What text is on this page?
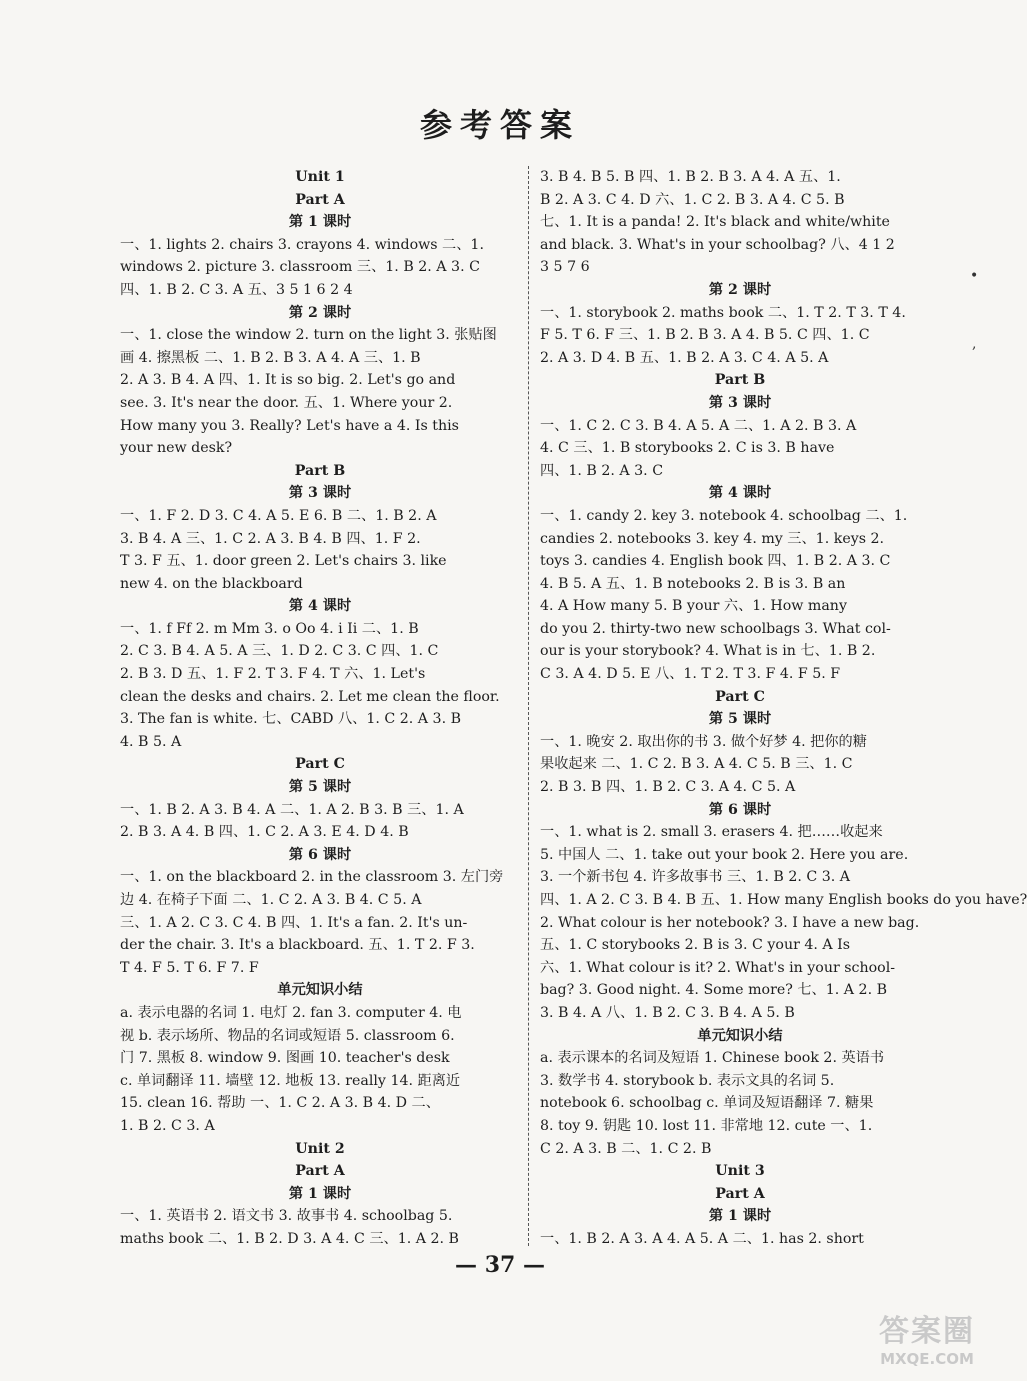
参考答案
Unit 1
Part A
第 1 课时
一、1. lights 2. chairs 3. crayons 4. windows 二、1.
windows 2. picture 3. classroom 三、1. B 2. A 3. C
四、1. B 2. C 3. A 五、3 5 1 6 2 4
第 2 课时
一、1. close the window 2. turn on the light 3. 张贴图
画 4. 擦黑板 二、1. B 2. B 3. A 4. A 三、1. B
2. A 3. B 4. A 四、1. It is so big. 2. Let's go and
see. 3. It's near the door. 五、1. Where your 2.
How many you 3. Really? Let's have a 4. Is this
your new desk?
Part B
第 3 课时
一、1. F 2. D 3. C 4. A 5. E 6. B 二、1. B 2. A
3. B 4. A 三、1. C 2. A 3. B 4. B 四、1. F 2.
T 3. F 五、1. door green 2. Let's chairs 3. like
new 4. on the blackboard
第 4 课时
一、1. f Ff 2. m Mm 3. o Oo 4. i Ii 二、1. B
2. C 3. B 4. A 5. A 三、1. D 2. C 3. C 四、1. C
2. B 3. D 五、1. F 2. T 3. F 4. T 六、1. Let's
clean the desks and chairs. 2. Let me clean the floor.
3. The fan is white. 七、CABD 八、1. C 2. A 3. B
4. B 5. A
Part C
第 5 课时
一、1. B 2. A 3. B 4. A 二、1. A 2. B 3. B 三、1. A
2. B 3. A 4. B 四、1. C 2. A 3. E 4. D 4. B
第 6 课时
一、1. on the blackboard 2. in the classroom 3. 左门旁
边 4. 在椅子下面 二、1. C 2. A 3. B 4. C 5. A
三、1. A 2. C 3. C 4. B 四、1. It's a fan. 2. It's un-
der the chair. 3. It's a blackboard. 五、1. T 2. F 3.
T 4. F 5. T 6. F 7. F
单元知识小结
a. 表示电器的名词 1. 电灯 2. fan 3. computer 4. 电
视 b. 表示场所、物品的名词或短语 5. classroom 6.
门 7. 黑板 8. window 9. 图画 10. teacher's desk
c. 单词翻译 11. 墙壁 12. 地板 13. really 14. 距离近
15. clean 16. 帮助 一、1. C 2. A 3. B 4. D 二、
1. B 2. C 3. A
Unit 2
Part A
第 1 课时
一、1. 英语书 2. 语文书 3. 故事书 4. schoolbag 5.
maths book 二、1. B 2. D 3. A 4. C 三、1. A 2. B
3. B 4. B 5. B 四、1. B 2. B 3. A 4. A 五、1.
B 2. A 3. C 4. D 六、1. C 2. B 3. A 4. C 5. B
七、1. It is a panda! 2. It's black and white/white
and black. 3. What's in your schoolbag? 八、4 1 2
3 5 7 6
第 2 课时
一、1. storybook 2. maths book 二、1. T 2. T 3. T 4.
F 5. T 6. F 三、1. B 2. B 3. A 4. B 5. C 四、1. C
2. A 3. D 4. B 五、1. B 2. A 3. C 4. A 5. A
Part B
第 3 课时
一、1. C 2. C 3. B 4. A 5. A 二、1. A 2. B 3. A
4. C 三、1. B storybooks 2. C is 3. B have
四、1. B 2. A 3. C
第 4 课时
一、1. candy 2. key 3. notebook 4. schoolbag 二、1.
candies 2. notebooks 3. key 4. my 三、1. keys 2.
toys 3. candies 4. English book 四、1. B 2. A 3. C
4. B 5. A 五、1. B notebooks 2. B is 3. B an
4. A How many 5. B your 六、1. How many
do you 2. thirty-two new schoolbags 3. What col-
our is your storybook? 4. What is in 七、1. B 2.
C 3. A 4. D 5. E 八、1. T 2. T 3. F 4. F 5. F
Part C
第 5 课时
一、1. 晚安 2. 取出你的书 3. 做个好梦 4. 把你的糖
果收起来 二、1. C 2. B 3. A 4. C 5. B 三、1. C
2. B 3. B 四、1. B 2. C 3. A 4. C 5. A
第 6 课时
一、1. what is 2. small 3. erasers 4. 把……收起来
5. 中国人 二、1. take out your book 2. Here you are.
3. 一个新书包 4. 许多故事书 三、1. B 2. C 3. A
四、1. A 2. C 3. B 4. B 五、1. How many English books do you have?
2. What colour is her notebook? 3. I have a new bag.
五、1. C storybooks 2. B is 3. C your 4. A Is
六、1. What colour is it? 2. What's in your school-
bag? 3. Good night. 4. Some more? 七、1. A 2. B
3. B 4. A 八、1. B 2. C 3. B 4. A 5. B
单元知识小结
a. 表示课本的名词及短语 1. Chinese book 2. 英语书
3. 数学书 4. storybook b. 表示文具的名词 5.
notebook 6. schoolbag c. 单词及短语翻译 7. 糖果
8. toy 9. 钥匙 10. lost 11. 非常地 12. cute 一、1.
C 2. A 3. B 二、1. C 2. B
Unit 3
Part A
第 1 课时
一、1. B 2. A 3. A 4. A 5. A 二、1. has 2. short
•
,
— 37 —
答案圈
MXQE.COM
